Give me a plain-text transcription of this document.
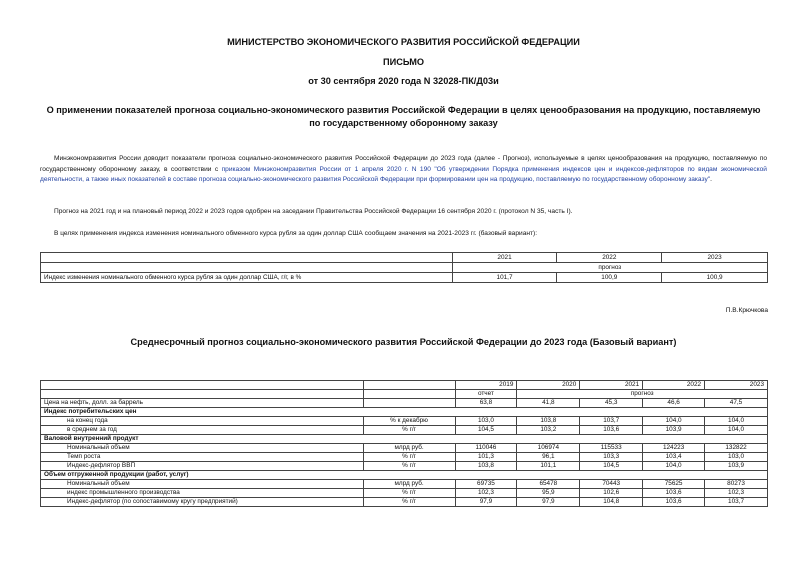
МИНИСТЕРСТВО ЭКОНОМИЧЕСКОГО РАЗВИТИЯ РОССИЙСКОЙ ФЕДЕРАЦИИ
ПИСЬМО
от 30 сентября 2020 года N 32028-ПК/Д03и
О применении показателей прогноза социально-экономического развития Российской Федерации в целях ценообразования на продукцию, поставляемую по государственному оборонному заказу
Минэкономразвития России доводит показатели прогноза социально-экономического развития Российской Федерации до 2023 года (далее - Прогноз), используемые в целях ценообразования на продукцию, поставляемую по государственному оборонному заказу, в соответствии с приказом Минэкономразвития России от 1 апреля 2020 г. N 190 "Об утверждении Порядка применения индексов цен и индексов-дефляторов по видам экономической деятельности, а также иных показателей в составе прогноза социально-экономического развития Российской Федерации при формировании цен на продукцию, поставляемую по государственному оборонному заказу".
Прогноз на 2021 год и на плановый период 2022 и 2023 годов одобрен на заседании Правительства Российской Федерации 16 сентября 2020 г. (протокол N 35, часть I).
В целях применения индекса изменения номинального обменного курса рубля за один доллар США сообщаем значения на 2021-2023 гг. (базовый вариант):
	2021	2022	2023
	прогноз		
Индекс изменения номинального обменного курса рубля за один доллар США, г/г, в %	101,7	100,9	100,9
П.В.Крючкова
Среднесрочный прогноз социально-экономического развития Российской Федерации до 2023 года (Базовый вариант)
		2019	2020	2021	2022	2023
		отчет	прогноз			
Цена на нефть, долл. за баррель		63,8	41,8	45,3	46,6	47,5
Индекс потребительских цен						
на конец года	% к декабрю	103,0	103,8	103,7	104,0	104,0
в среднем за год	% г/г	104,5	103,2	103,6	103,9	104,0
Валовой внутренний продукт						
Номинальный объем	млрд руб.	110046	106974	115533	124223	132822
Темп роста	% г/г	101,3	96,1	103,3	103,4	103,0
Индекс-дефлятор ВВП	% г/г	103,8	101,1	104,5	104,0	103,9
Объем отгруженной продукции (работ, услуг)						
Номинальный объем	млрд руб.	69735	65478	70443	75625	80273
индекс промышленного производства	% г/г	102,3	95,9	102,6	103,6	102,3
Индекс-дефлятор (по сопоставимому кругу предприятий)	% г/г	97,9	97,9	104,8	103,6	103,7
